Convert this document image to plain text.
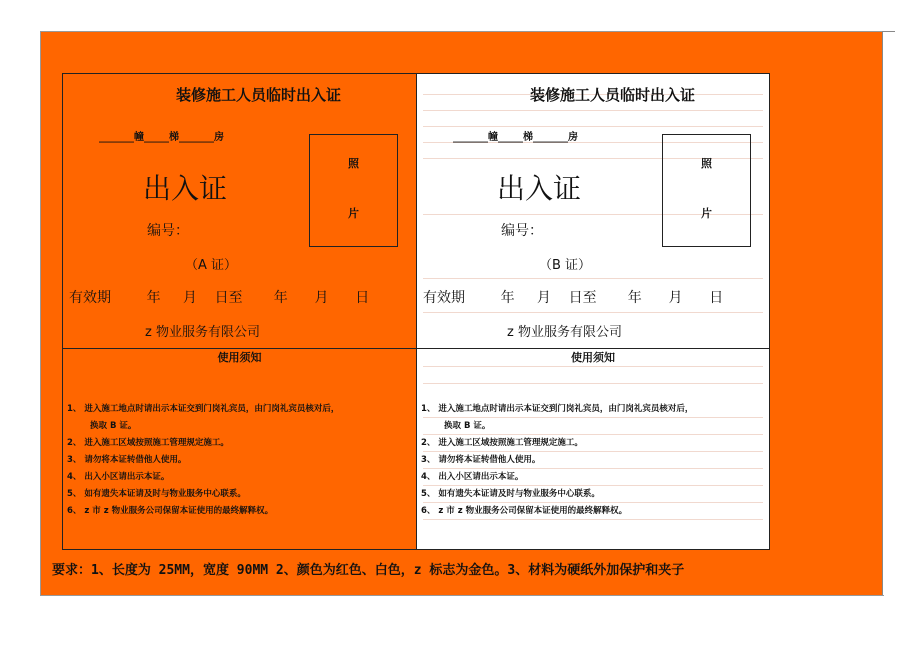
装修施工人员临时出入证
_______幢_____梯_______房
出入证
编号：
（A 证）
有效期        年     月    日至       年      月      日
z 物业服务有限公司
照
片
装修施工人员临时出入证
_______幢_____梯_______房
出入证
编号：
（B 证）
有效期        年     月    日至       年      月      日
z 物业服务有限公司
照
片
使用须知
1、 进入施工地点时请出示本证交到门岗礼宾员，由门岗礼宾员核对后，
换取 B 证。
2、 进入施工区域按照施工管理规定施工。
3、 请勿将本证转借他人使用。
4、 出入小区请出示本证。
5、 如有遗失本证请及时与物业服务中心联系。
6、 z 市 z 物业服务公司保留本证使用的最终解释权。
使用须知
1、 进入施工地点时请出示本证交到门岗礼宾员，由门岗礼宾员核对后，
换取 B 证。
2、 进入施工区域按照施工管理规定施工。
3、 请勿将本证转借他人使用。
4、 出入小区请出示本证。
5、 如有遗失本证请及时与物业服务中心联系。
6、 z 市 z 物业服务公司保留本证使用的最终解释权。
要求：1、长度为 25MM，宽度 90MM 2、颜色为红色、白色，z 标志为金色。3、材料为硬纸外加保护和夹子
